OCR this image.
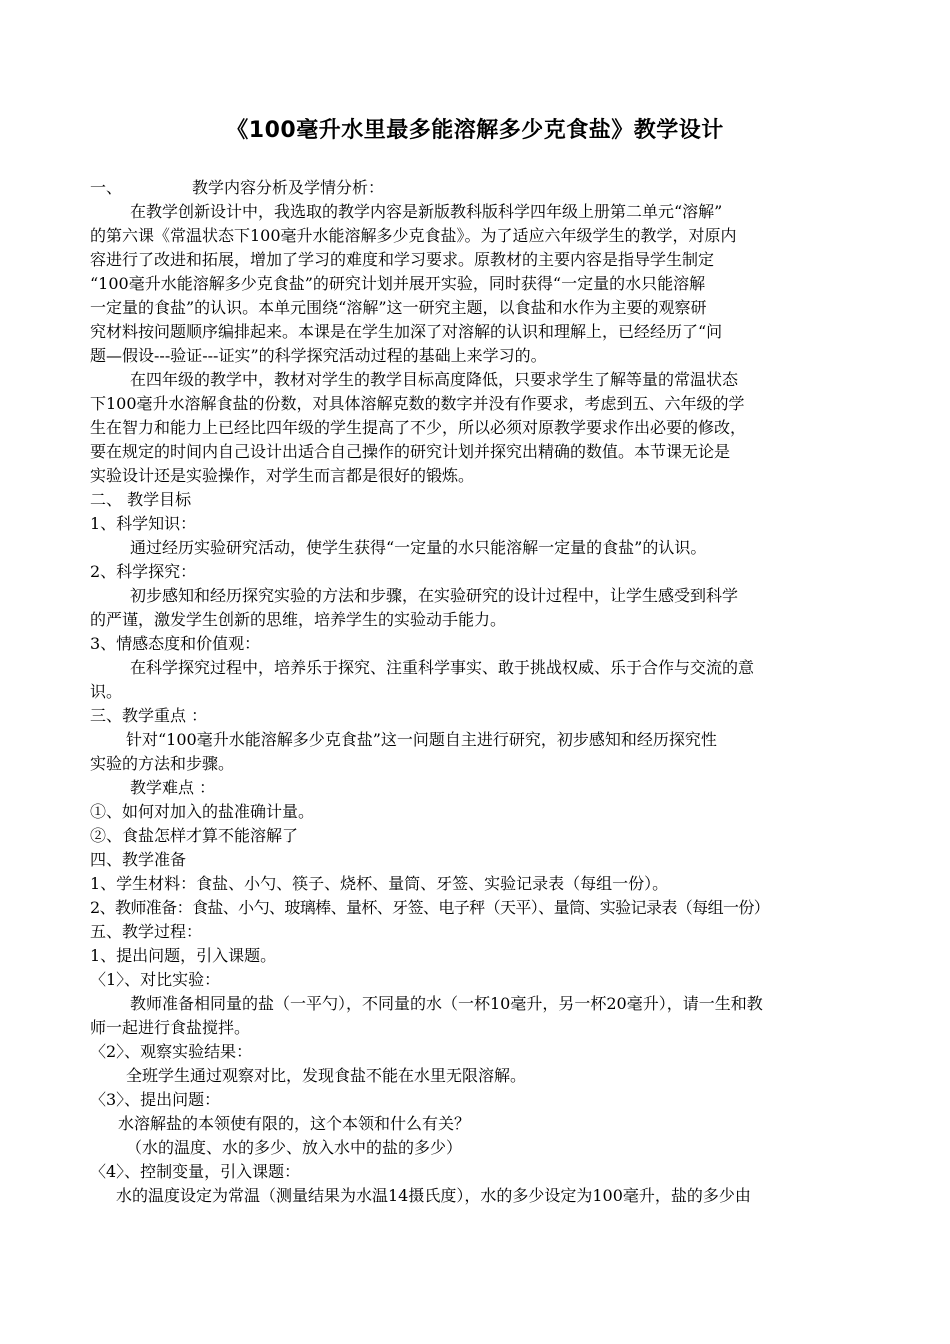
《100毫升水里最多能溶解多少克食盐》教学设计
一、	教学内容分析及学情分析：
在教学创新设计中，我选取的教学内容是新版教科版科学四年级上册第二单元“溶解”
的第六课《常温状态下100毫升水能溶解多少克食盐》。为了适应六年级学生的教学，对原内
容进行了改进和拓展，增加了学习的难度和学习要求。原教材的主要内容是指导学生制定
“100毫升水能溶解多少克食盐”的研究计划并展开实验，同时获得“一定量的水只能溶解
一定量的食盐”的认识。本单元围绕“溶解”这一研究主题，以食盐和水作为主要的观察研
究材料按问题顺序编排起来。本课是在学生加深了对溶解的认识和理解上，已经经历了“问
题—假设---验证---证实”的科学探究活动过程的基础上来学习的。
在四年级的教学中，教材对学生的教学目标高度降低，只要求学生了解等量的常温状态
下100毫升水溶解食盐的份数，对具体溶解克数的数字并没有作要求，考虑到五、六年级的学
生在智力和能力上已经比四年级的学生提高了不少，所以必须对原教学要求作出必要的修改，
要在规定的时间内自己设计出适合自己操作的研究计划并探究出精确的数值。本节课无论是
实验设计还是实验操作，对学生而言都是很好的锻炼。
二、 教学目标
1、科学知识：
通过经历实验研究活动，使学生获得“一定量的水只能溶解一定量的食盐”的认识。
2、科学探究：
初步感知和经历探究实验的方法和步骤，在实验研究的设计过程中，让学生感受到科学
的严谨，激发学生创新的思维，培养学生的实验动手能力。
3、情感态度和价值观：
在科学探究过程中，培养乐于探究、注重科学事实、敢于挑战权威、乐于合作与交流的意
识。
三、教学重点 ：
针对“100毫升水能溶解多少克食盐”这一问题自主进行研究，初步感知和经历探究性
实验的方法和步骤。
教学难点 ：
①、如何对加入的盐准确计量。
②、食盐怎样才算不能溶解了
四、教学准备
1、学生材料：食盐、小勺、筷子、烧杯、量筒、牙签、实验记录表（每组一份）。
2、教师准备：食盐、小勺、玻璃棒、量杯、牙签、电子秤（天平）、量筒、实验记录表（每组一份）
五、教学过程：
1、提出问题，引入课题。
〈1〉、对比实验：
教师准备相同量的盐（一平勺），不同量的水（一杯10毫升，另一杯20毫升），请一生和教
师一起进行食盐搅拌。
〈2〉、观察实验结果：
全班学生通过观察对比，发现食盐不能在水里无限溶解。
〈3〉、提出问题：
水溶解盐的本领使有限的，这个本领和什么有关？
（水的温度、水的多少、放入水中的盐的多少）
〈4〉、控制变量，引入课题：
水的温度设定为常温（测量结果为水温14摄氏度），水的多少设定为100毫升，盐的多少由
